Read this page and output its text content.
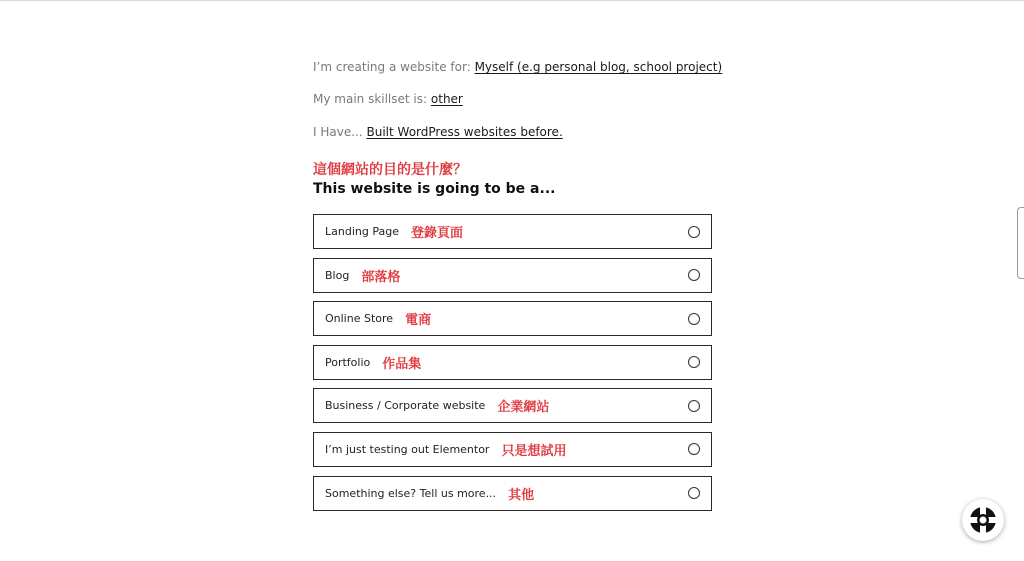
I’m creating a website for: Myself (e.g personal blog, school project)
My main skillset is: other
I Have... Built WordPress websites before.
這個網站的目的是什麼？
This website is going to be a...
Landing Page 登錄頁面
Blog 部落格
Online Store 電商
Portfolio 作品集
Business / Corporate website 企業網站
I’m just testing out Elementor 只是想試用
Something else? Tell us more... 其他
